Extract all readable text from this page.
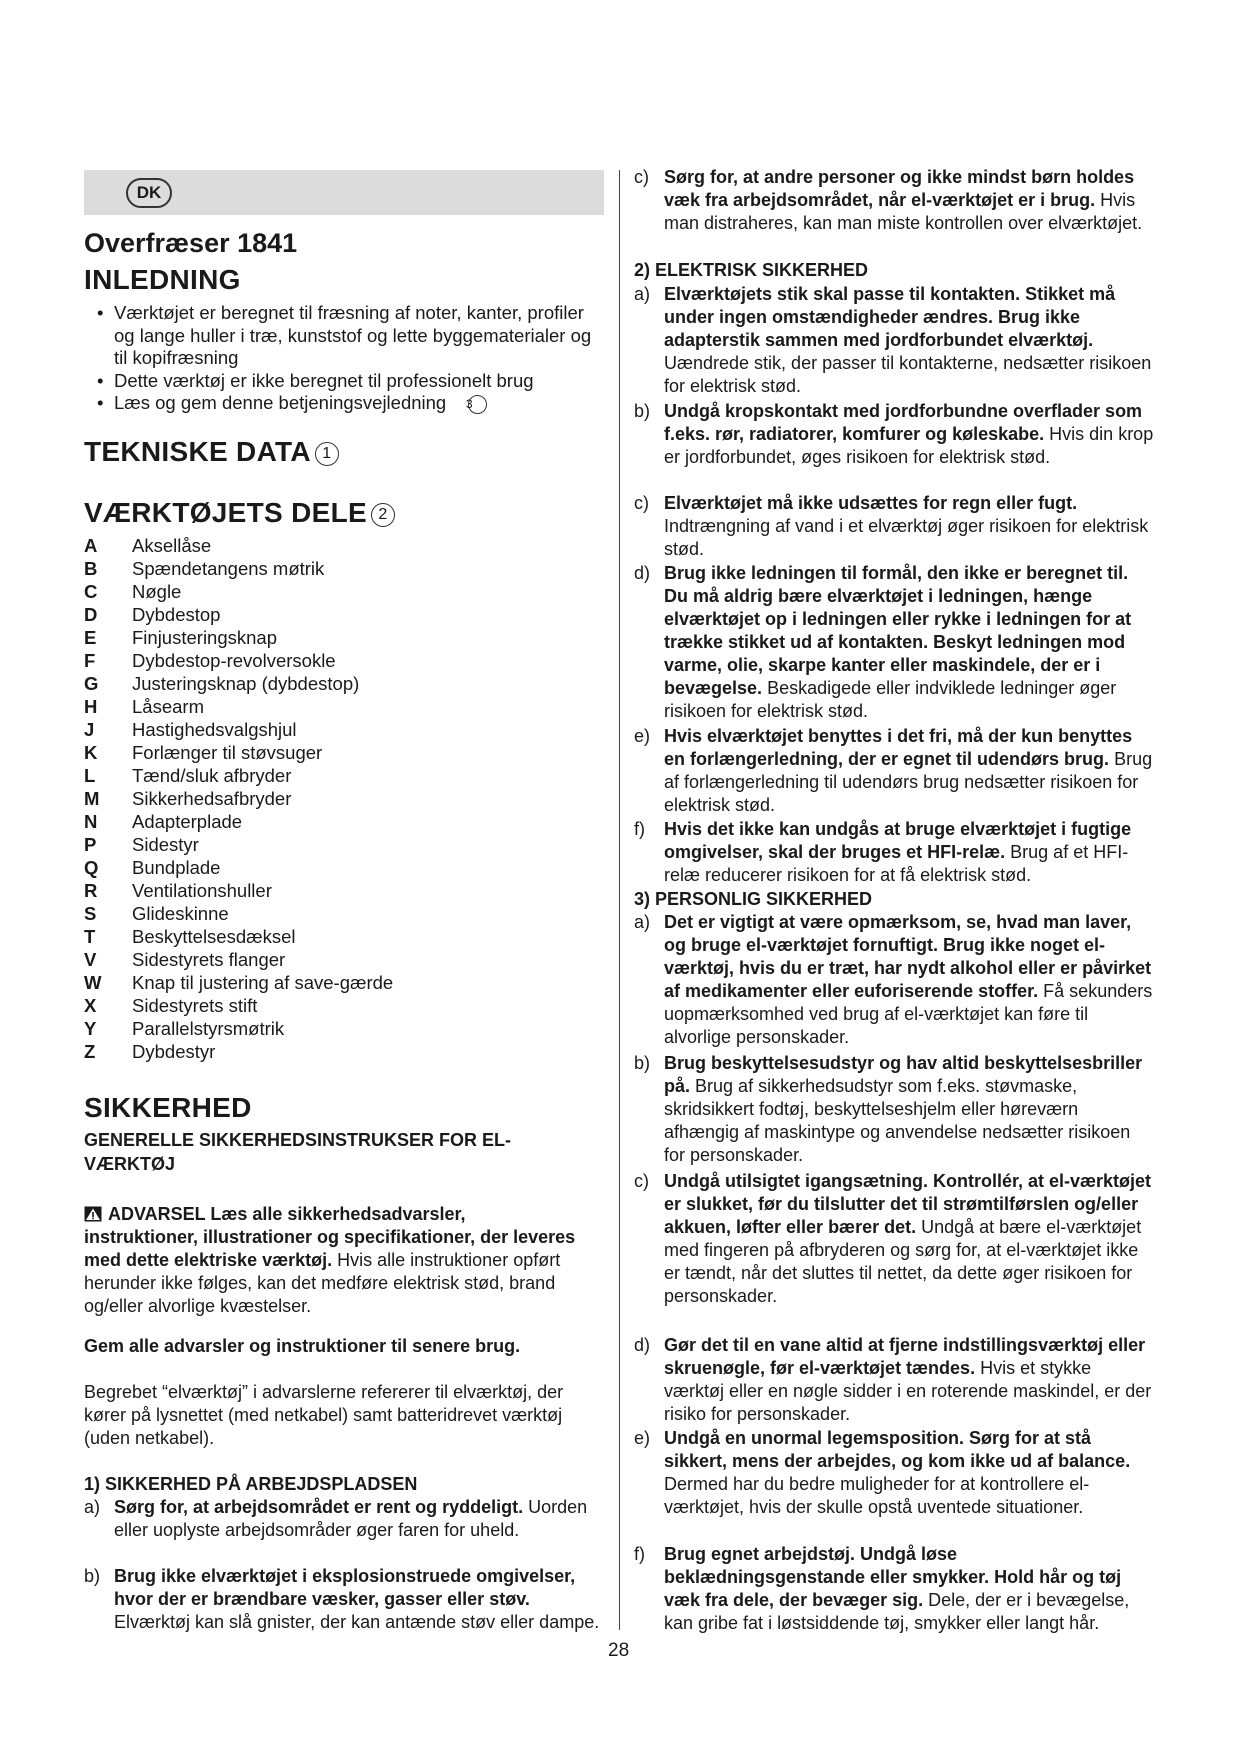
DK
28
Overfræser 1841
INLEDNING
• Værktøjet er beregnet til fræsning af noter, kanter, profiler og lange huller i træ, kunststof og lette byggematerialer og til kopifræsning
• Dette værktøj er ikke beregnet til professionelt brug
• Læs og gem denne betjeningsvejledning 3
TEKNISKE DATA 1
VÆRKTØJETS DELE 2
A	Aksellåse
B	Spændetangens møtrik
C	Nøgle
D	Dybdestop
E	Finjusteringsknap
F	Dybdestop-revolversokle
G	Justeringsknap (dybdestop)
H	Låsearm
J	Hastighedsvalgshjul
K	Forlænger til støvsuger
L	Tænd/sluk afbryder
M	Sikkerhedsafbryder
N	Adapterplade
P	Sidestyr
Q	Bundplade
R	Ventilationshuller
S	Glideskinne
T	Beskyttelsesdæksel
V	Sidestyrets flanger
W	Knap til justering af save-gærde
X	Sidestyrets stift
Y	Parallelstyrsmøtrik
Z	Dybdestyr
SIKKERHED
GENERELLE SIKKERHEDSINSTRUKSER FOR EL-VÆRKTØJ

ADVARSEL Læs alle sikkerhedsadvarsler, instruktioner, illustrationer og specifikationer, der leveres med dette elektriske værktøj. Hvis alle instruktioner opført herunder ikke følges, kan det medføre elektrisk stød, brand og/eller alvorlige kvæstelser.

Gem alle advarsler og instruktioner til senere brug.

Begrebet “elværktøj” i advarslerne refererer til elværktøj, der kører på lysnettet (med netkabel) samt batteridrevet værktøj (uden netkabel).

1) SIKKERHED PÅ ARBEJDSPLADSEN
a) Sørg for, at arbejdsområdet er rent og ryddeligt. Uorden eller uoplyste arbejdsområder øger faren for uheld.
b) Brug ikke elværktøjet i eksplosionstruede omgivelser, hvor der er brændbare væsker, gasser eller støv. Elværktøj kan slå gnister, der kan antænde støv eller dampe.
c) Sørg for, at andre personer og ikke mindst børn holdes væk fra arbejdsområdet, når el-værktøjet er i brug. Hvis man distraheres, kan man miste kontrollen over elværktøjet.
2) ELEKTRISK SIKKERHED
a) Elværktøjets stik skal passe til kontakten. Stikket må under ingen omstændigheder ændres. Brug ikke adapterstik sammen med jordforbundet elværktøj. Uændrede stik, der passer til kontakterne, nedsætter risikoen for elektrisk stød.
b) Undgå kropskontakt med jordforbundne overflader som f.eks. rør, radiatorer, komfurer og køleskabe. Hvis din krop er jordforbundet, øges risikoen for elektrisk stød.
c) Elværktøjet må ikke udsættes for regn eller fugt. Indtrængning af vand i et elværktøj øger risikoen for elektrisk stød.
d) Brug ikke ledningen til formål, den ikke er beregnet til. Du må aldrig bære elværktøjet i ledningen, hænge elværktøjet op i ledningen eller rykke i ledningen for at trække stikket ud af kontakten. Beskyt ledningen mod varme, olie, skarpe kanter eller maskindele, der er i bevægelse. Beskadigede eller indviklede ledninger øger risikoen for elektrisk stød.
e) Hvis elværktøjet benyttes i det fri, må der kun benyttes en forlængerledning, der er egnet til udendørs brug. Brug af forlængerledning til udendørs brug nedsætter risikoen for elektrisk stød.
f) Hvis det ikke kan undgås at bruge elværktøjet i fugtige omgivelser, skal der bruges et HFI-relæ. Brug af et HFI-relæ reducerer risikoen for at få elektrisk stød.
3) PERSONLIG SIKKERHED
a) Det er vigtigt at være opmærksom, se, hvad man laver, og bruge el-værktøjet fornuftigt. Brug ikke noget el-værktøj, hvis du er træt, har nydt alkohol eller er påvirket af medikamenter eller euforiserende stoffer. Få sekunders uopmærksomhed ved brug af el-værktøjet kan føre til alvorlige personskader.
b) Brug beskyttelsesudstyr og hav altid beskyttelsesbriller på. Brug af sikkerhedsudstyr som f.eks. støvmaske, skridsikkert fodtøj, beskyttelseshjelm eller høreværn afhængig af maskintype og anvendelse nedsætter risikoen for personskader.
c) Undgå utilsigtet igangsætning. Kontrollér, at el-værktøjet er slukket, før du tilslutter det til strømtilførslen og/eller akkuen, løfter eller bærer det. Undgå at bære el-værktøjet med fingeren på afbryderen og sørg for, at el-værktøjet ikke er tændt, når det sluttes til nettet, da dette øger risikoen for personskader.
d) Gør det til en vane altid at fjerne indstillingsværktøj eller skruenøgle, før el-værktøjet tændes. Hvis et stykke værktøj eller en nøgle sidder i en roterende maskindel, er der risiko for personskader.
e) Undgå en unormal legemsposition. Sørg for at stå sikkert, mens der arbejdes, og kom ikke ud af balance. Dermed har du bedre muligheder for at kontrollere el-værktøjet, hvis der skulle opstå uventede situationer.
f) Brug egnet arbejdstøj. Undgå løse beklædningsgenstande eller smykker. Hold hår og tøj væk fra dele, der bevæger sig. Dele, der er i bevægelse, kan gribe fat i løstsiddende tøj, smykker eller langt hår.
